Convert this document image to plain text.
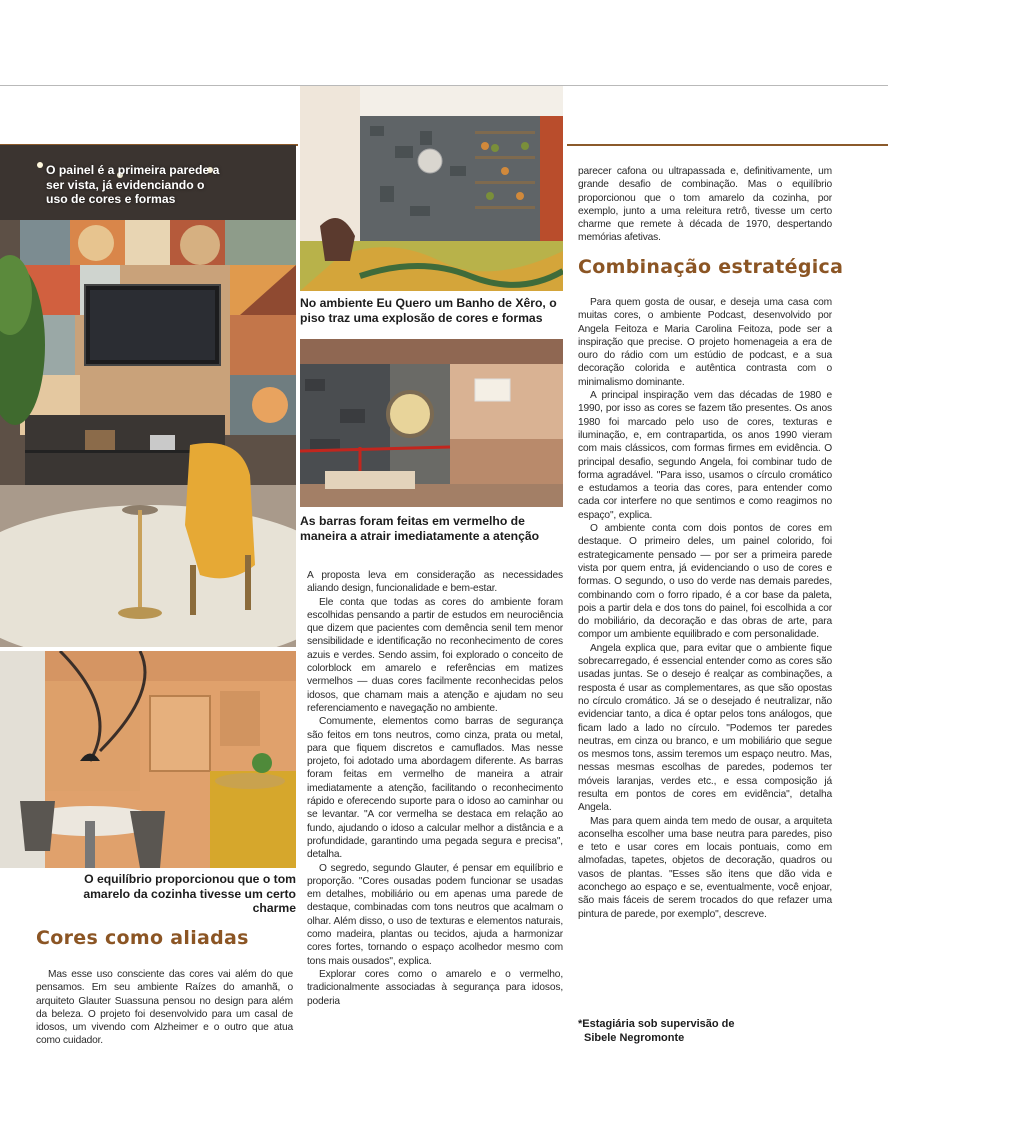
O painel é a primeira parede a ser vista, já evidenciando o uso de cores e formas
No ambiente Eu Quero um Banho de Xêro, o piso traz uma explosão de cores e formas
As barras foram feitas em vermelho de maneira a atrair imediatamente a atenção
O equilíbrio proporcionou que o tom amarelo da cozinha tivesse um certo charme
Cores como aliadas

Mas esse uso consciente das cores vai além do que pensamos. Em seu ambiente Raízes do amanhã, o arquiteto Glauter Suassuna pensou no design para além da beleza. O projeto foi desenvolvido para um casal de idosos, um vivendo com Alzheimer e o outro que atua como cuidador.

A proposta leva em consideração as necessidades aliando design, funcionalidade e bem-estar.

Ele conta que todas as cores do ambiente foram escolhidas pensando a partir de estudos em neurociência que dizem que pacientes com demência senil tem menor sensibilidade e identificação no reconhecimento de cores azuis e verdes. Sendo assim, foi explorado o conceito de colorblock em amarelo e referências em matizes vermelhos — duas cores facilmente reconhecidas pelos idosos, que chamam mais a atenção e ajudam no seu referenciamento e navegação no ambiente.

Comumente, elementos como barras de segurança são feitos em tons neutros, como cinza, prata ou metal, para que fiquem discretos e camuflados. Mas nesse projeto, foi adotado uma abordagem diferente. As barras foram feitas em vermelho de maneira a atrair imediatamente a atenção, facilitando o reconhecimento rápido e oferecendo suporte para o idoso ao caminhar ou se levantar. "A cor vermelha se destaca em relação ao fundo, ajudando o idoso a calcular melhor a distância e a profundidade, garantindo uma pegada segura e precisa", detalha.

O segredo, segundo Glauter, é pensar em equilíbrio e proporção. "Cores ousadas podem funcionar se usadas em detalhes, mobiliário ou em apenas uma parede de destaque, combinadas com tons neutros que acalmam o olhar. Além disso, o uso de texturas e elementos naturais, como madeira, plantas ou tecidos, ajuda a harmonizar cores fortes, tornando o espaço acolhedor mesmo com tons mais ousados", explica.

Explorar cores como o amarelo e o vermelho, tradicionalmente associadas à segurança para idosos, poderia

parecer cafona ou ultrapassada e, definitivamente, um grande desafio de combinação. Mas o equilíbrio proporcionou que o tom amarelo da cozinha, por exemplo, junto a uma releitura retrô, tivesse um certo charme que remete à década de 1970, despertando memórias afetivas.

Combinação estratégica

Para quem gosta de ousar, e deseja uma casa com muitas cores, o ambiente Podcast, desenvolvido por Angela Feitoza e Maria Carolina Feitoza, pode ser a inspiração que precise. O projeto homenageia a era de ouro do rádio com um estúdio de podcast, e a sua decoração colorida e autêntica contrasta com o minimalismo dominante.

A principal inspiração vem das décadas de 1980 e 1990, por isso as cores se fazem tão presentes. Os anos 1980 foi marcado pelo uso de cores, texturas e iluminação, e, em contrapartida, os anos 1990 vieram com mais clássicos, com formas firmes em evidência. O principal desafio, segundo Angela, foi combinar tudo de forma agradável. "Para isso, usamos o círculo cromático e estudamos a teoria das cores, para entender como cada cor interfere no que sentimos e como reagimos no espaço", explica.

O ambiente conta com dois pontos de cores em destaque. O primeiro deles, um painel colorido, foi estrategicamente pensado — por ser a primeira parede vista por quem entra, já evidenciando o uso de cores e formas. O segundo, o uso do verde nas demais paredes, combinando com o forro ripado, é a cor base da paleta, pois a partir dela e dos tons do painel, foi escolhida a cor do mobiliário, da decoração e das obras de arte, para compor um ambiente equilibrado e com personalidade.

Angela explica que, para evitar que o ambiente fique sobrecarregado, é essencial entender como as cores são usadas juntas. Se o desejo é realçar as combinações, a resposta é usar as complementares, as que são opostas no círculo cromático. Já se o desejado é neutralizar, não evidenciar tanto, a dica é optar pelos tons análogos, que ficam lado a lado no círculo. "Podemos ter paredes neutras, em cinza ou branco, e um mobiliário que segue os mesmos tons, assim teremos um espaço neutro. Mas, nessas mesmas escolhas de paredes, podemos ter móveis laranjas, verdes etc., e essa composição já resulta em pontos de cores em evidência", detalha Angela.

Mas para quem ainda tem medo de ousar, a arquiteta aconselha escolher uma base neutra para paredes, piso e teto e usar cores em locais pontuais, como em almofadas, tapetes, objetos de decoração, quadros ou vasos de plantas. "Esses são itens que dão vida e aconchego ao espaço e se, eventualmente, você enjoar, são mais fáceis de serem trocados do que refazer uma pintura de parede, por exemplo", descreve.

*Estagiária sob supervisão de
Sibele Negromonte
